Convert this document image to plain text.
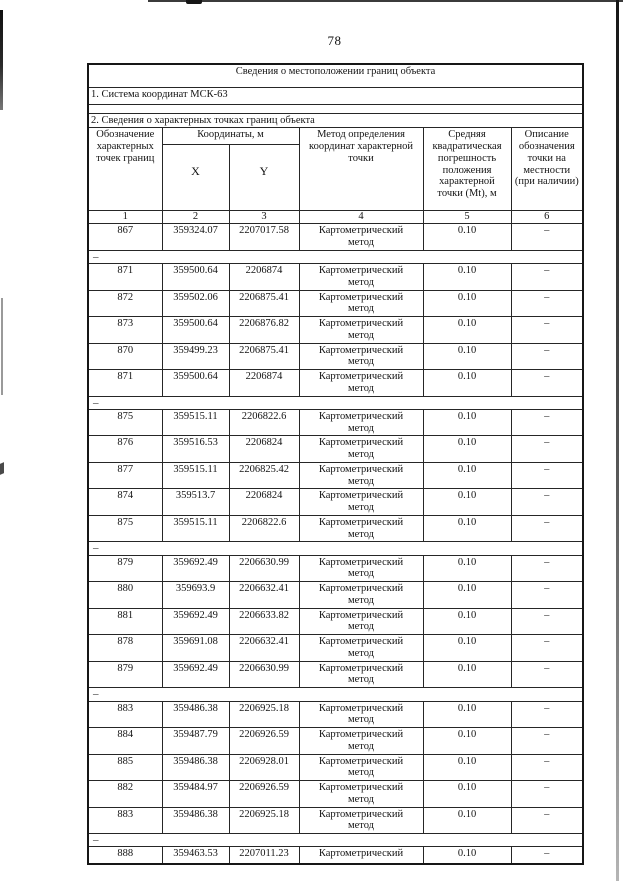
78
Сведения о местоположении границ объекта					
1. Система координат МСК-63					

2. Сведения о характерных точках границ объекта					
Обозначение характерных точек границ	Координаты, м		Метод определения координат характерной точки	Средняя квадратическая погрешность положения характерной точки (Mt), м	Описание обозначения точки на местности (при наличии)
	X	Y			
1	2	3	4	5	6
867	359324.07	2207017.58	Картометрический метод	0.10	–
–					
871	359500.64	2206874	Картометрический метод	0.10	–
872	359502.06	2206875.41	Картометрический метод	0.10	–
873	359500.64	2206876.82	Картометрический метод	0.10	–
870	359499.23	2206875.41	Картометрический метод	0.10	–
871	359500.64	2206874	Картометрический метод	0.10	–
–					
875	359515.11	2206822.6	Картометрический метод	0.10	–
876	359516.53	2206824	Картометрический метод	0.10	–
877	359515.11	2206825.42	Картометрический метод	0.10	–
874	359513.7	2206824	Картометрический метод	0.10	–
875	359515.11	2206822.6	Картометрический метод	0.10	–
–					
879	359692.49	2206630.99	Картометрический метод	0.10	–
880	359693.9	2206632.41	Картометрический метод	0.10	–
881	359692.49	2206633.82	Картометрический метод	0.10	–
878	359691.08	2206632.41	Картометрический метод	0.10	–
879	359692.49	2206630.99	Картометрический метод	0.10	–
–					
883	359486.38	2206925.18	Картометрический метод	0.10	–
884	359487.79	2206926.59	Картометрический метод	0.10	–
885	359486.38	2206928.01	Картометрический метод	0.10	–
882	359484.97	2206926.59	Картометрический метод	0.10	–
883	359486.38	2206925.18	Картометрический метод	0.10	–
–					
888	359463.53	2207011.23	Картометрический	0.10	–
